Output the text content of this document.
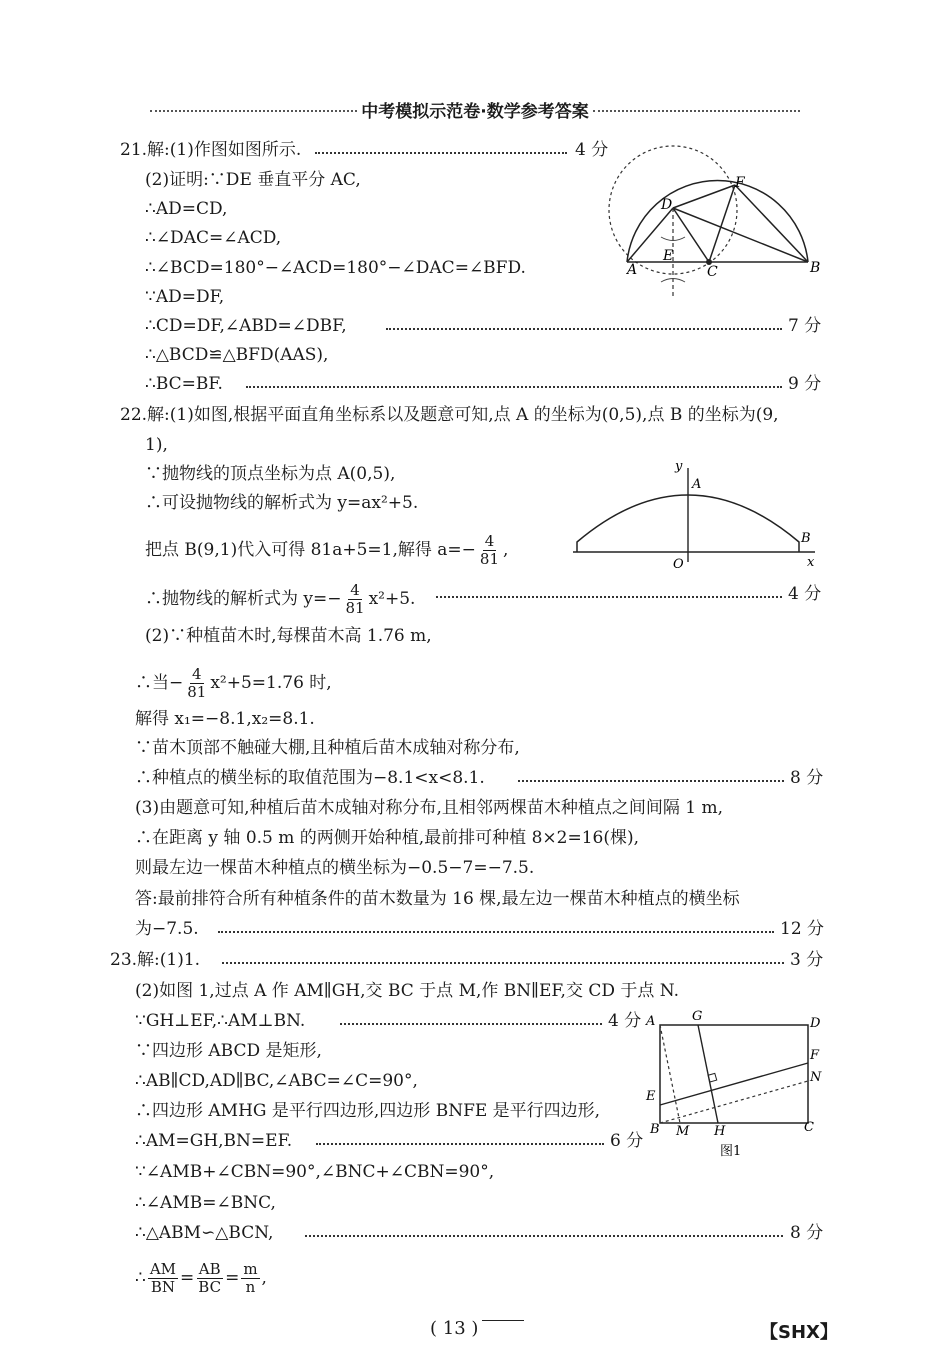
中考模拟示范卷·数学参考答案
21.解:(1)作图如图所示.	4 分
(2)证明:∵DE 垂直平分 AC,
∴AD=CD,
∴∠DAC=∠ACD,
∴∠BCD=180°−∠ACD=180°−∠DAC=∠BFD.
∵AD=DF,
∴CD=DF,∠ABD=∠DBF,	7 分
∴△BCD≌△BFD(AAS),
∴BC=BF.	9 分
D
F
E
A	C	B
22.解:(1)如图,根据平面直角坐标系以及题意可知,点 A 的坐标为(0,5),点 B 的坐标为(9,
1),
∵抛物线的顶点坐标为点 A(0,5),
∴可设抛物线的解析式为 y=ax²+5.
把点 B(9,1)代入可得 81a+5=1,解得 $a=- \frac{4}{81}$ ,
y
A
B
O	x
∴抛物线的解析式为 $y=- \frac{4}{81} x^2+5$.	4 分
(2)∵种植苗木时,每棵苗木高 1.76 m,
∴当− $\frac{4}{81} x^2+5=1.76$ 时,
解得 x₁=−8.1,x₂=8.1.
∵苗木顶部不触碰大棚,且种植后苗木成轴对称分布,
∴种植点的横坐标的取值范围为−8.1<x<8.1.	8 分
(3)由题意可知,种植后苗木成轴对称分布,且相邻两棵苗木种植点之间间隔 1 m,
∴在距离 y 轴 0.5 m 的两侧开始种植,最前排可种植 8×2=16(棵),
则最左边一棵苗木种植点的横坐标为−0.5−7=−7.5.
答:最前排符合所有种植条件的苗木数量为 16 棵,最左边一棵苗木种植点的横坐标
为−7.5.	12 分
23.解:(1)1.	3 分
(2)如图 1,过点 A 作 AM∥GH,交 BC 于点 M,作 BN∥EF,交 CD 于点 N.
∵GH⊥EF,∴AM⊥BN.	4 分
∵四边形 ABCD 是矩形,
∴AB∥CD,AD∥BC,∠ABC=∠C=90°,
∴四边形 AMHG 是平行四边形,四边形 BNFE 是平行四边形,
∴AM=GH,BN=EF.	6 分
∵∠AMB+∠CBN=90°,∠BNC+∠CBN=90°,
∴∠AMB=∠BNC,
∴△ABM∽△BCN,	8 分
∴ $\frac{AM}{BN} = \frac{AB}{BC} = \frac{m}{n}$ ,
A	G	D
F
N
E
B M H	C
图1
( 13 )	【SHX】
